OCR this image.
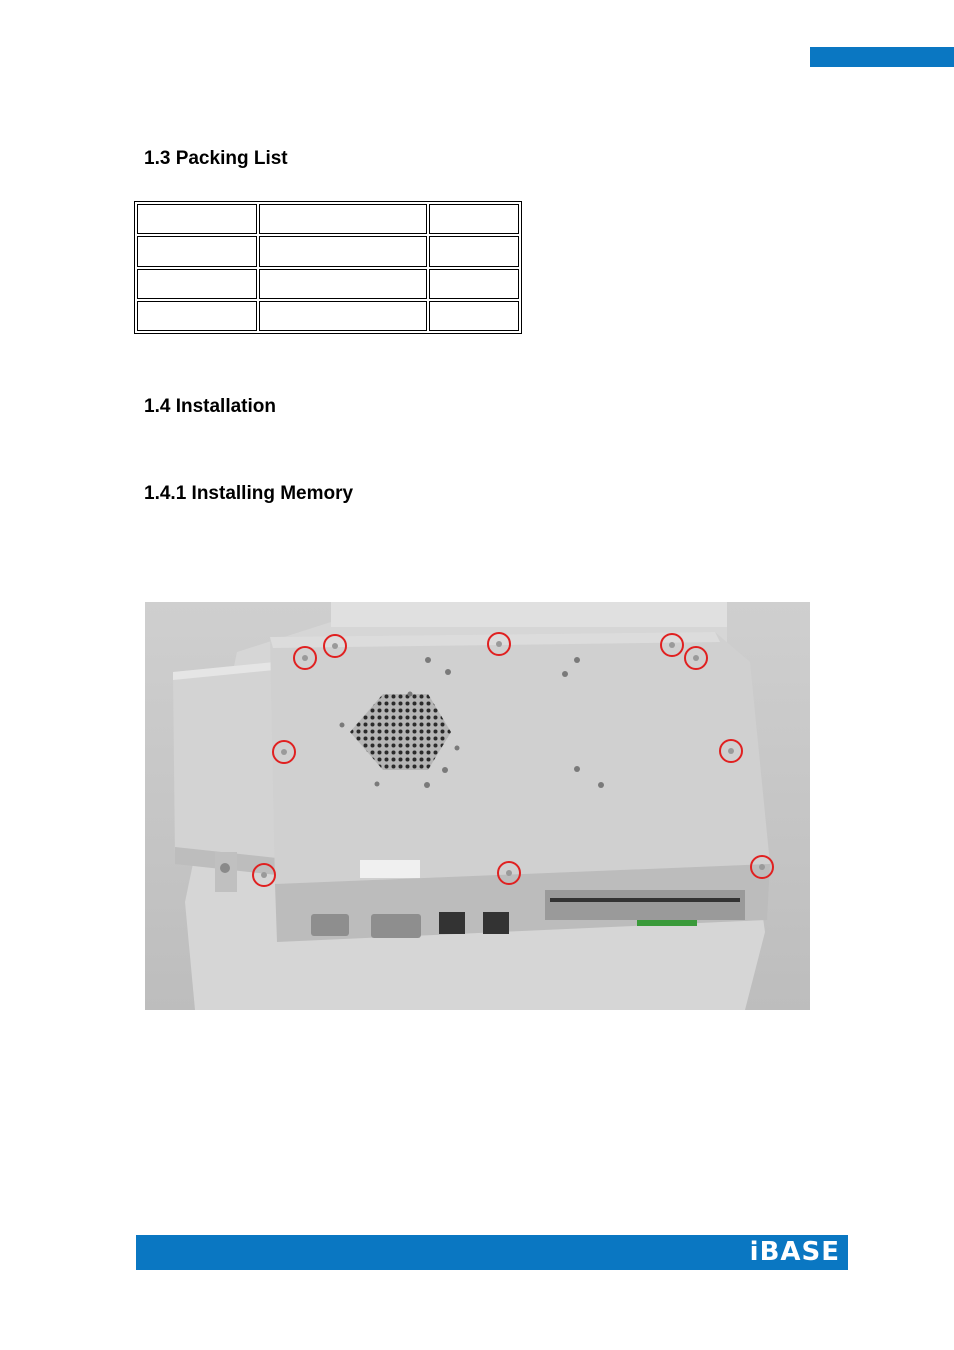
1.3 Packing List

1.4 Installation
1.4.1 Installing Memory
iBASE
